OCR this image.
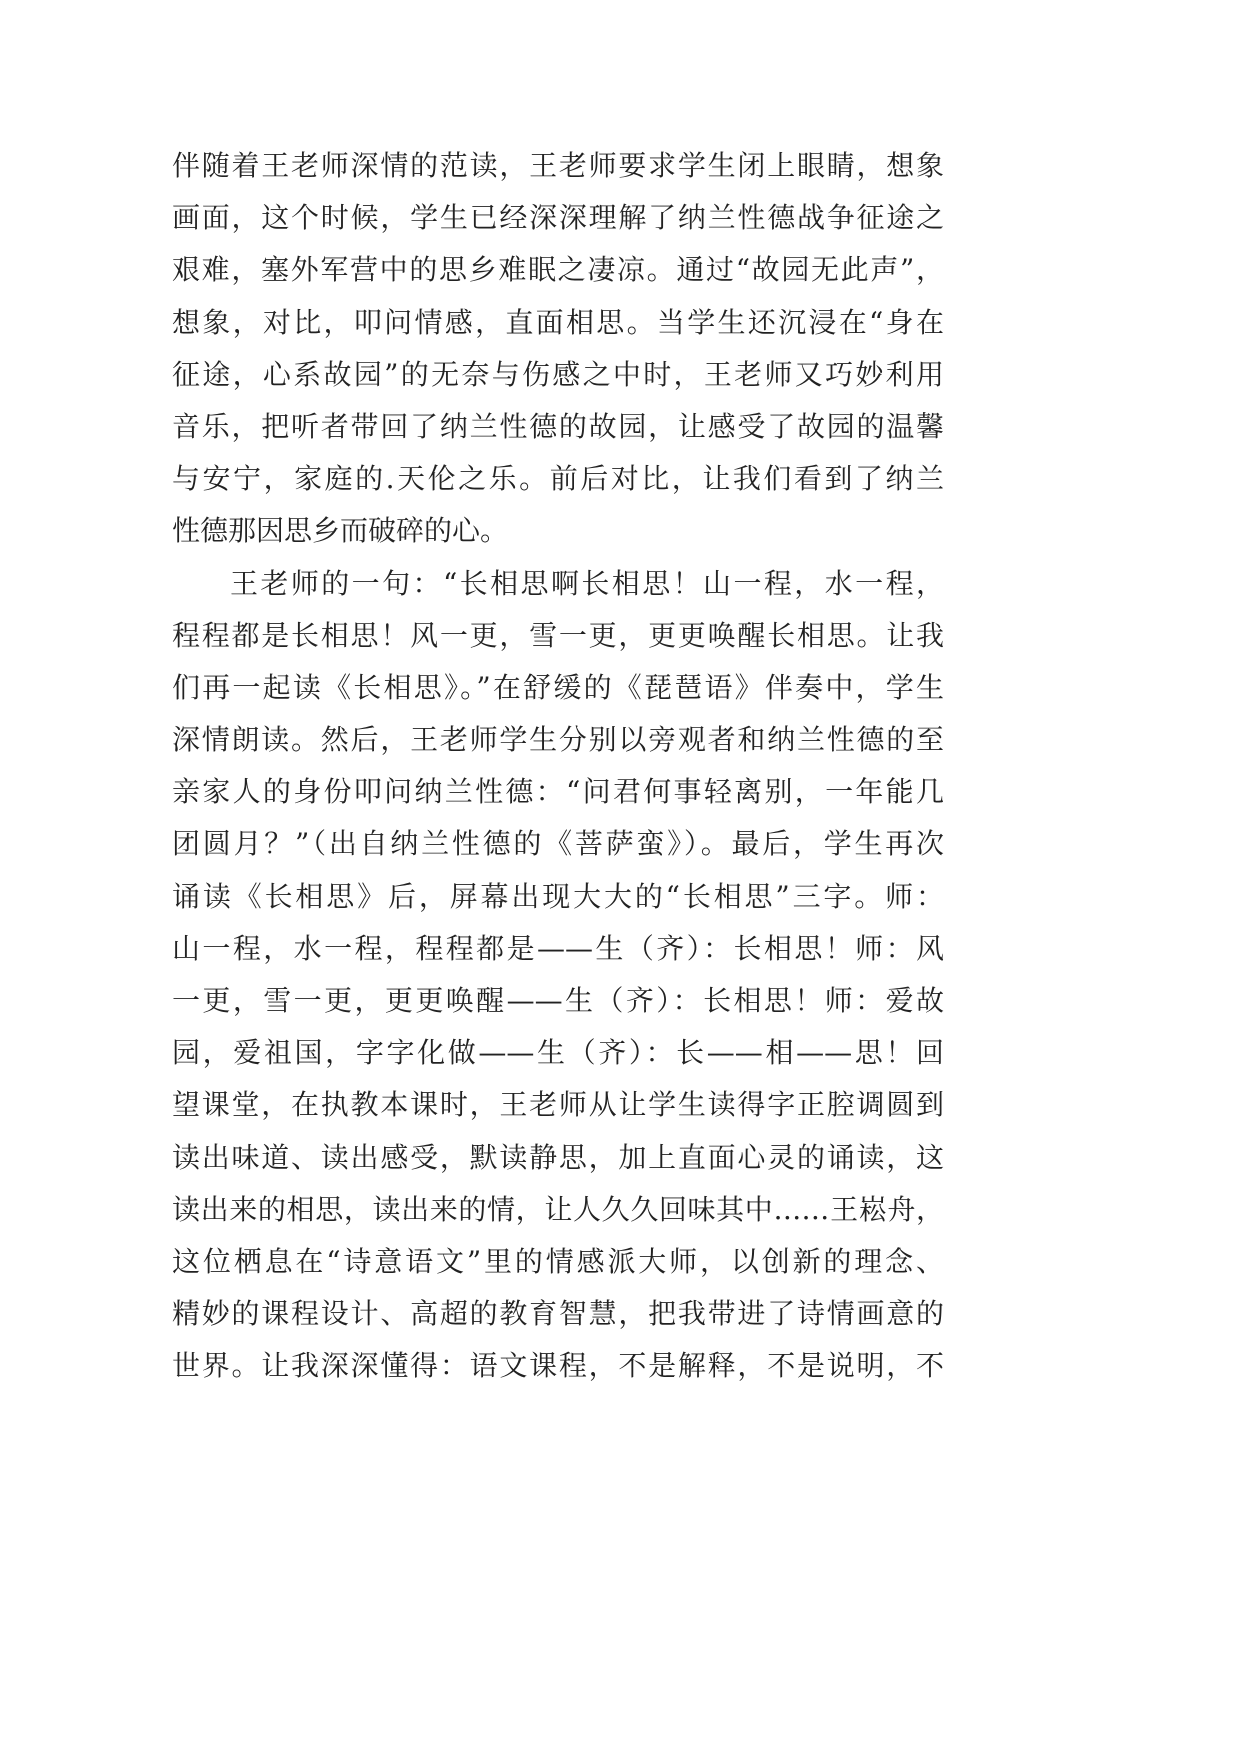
伴随着王老师深情的范读，王老师要求学生闭上眼睛，想象
画面，这个时候，学生已经深深理解了纳兰性德战争征途之
艰难，塞外军营中的思乡难眠之凄凉。通过“故园无此声”，
想象，对比，叩问情感，直面相思。当学生还沉浸在“身在
征途，心系故园”的无奈与伤感之中时，王老师又巧妙利用
音乐，把听者带回了纳兰性德的故园，让感受了故园的温馨
与安宁，家庭的.天伦之乐。前后对比，让我们看到了纳兰
性德那因思乡而破碎的心。
王老师的一句：“长相思啊长相思！山一程，水一程，
程程都是长相思！风一更，雪一更，更更唤醒长相思。让我
们再一起读《长相思》。”在舒缓的《琵琶语》伴奏中，学生
深情朗读。然后，王老师学生分别以旁观者和纳兰性德的至
亲家人的身份叩问纳兰性德：“问君何事轻离别，一年能几
团圆月？”（出自纳兰性德的《菩萨蛮》）。最后，学生再次
诵读《长相思》后，屏幕出现大大的“长相思”三字。师：
山一程，水一程，程程都是——生（齐）：长相思！师：风
一更，雪一更，更更唤醒——生（齐）：长相思！师：爱故
园，爱祖国，字字化做——生（齐）：长——相——思！回
望课堂，在执教本课时，王老师从让学生读得字正腔调圆到
读出味道、读出感受，默读静思，加上直面心灵的诵读，这
读出来的相思，读出来的情，让人久久回味其中……王崧舟，
这位栖息在“诗意语文”里的情感派大师，以创新的理念、
精妙的课程设计、高超的教育智慧，把我带进了诗情画意的
世界。让我深深懂得：语文课程，不是解释，不是说明，不
